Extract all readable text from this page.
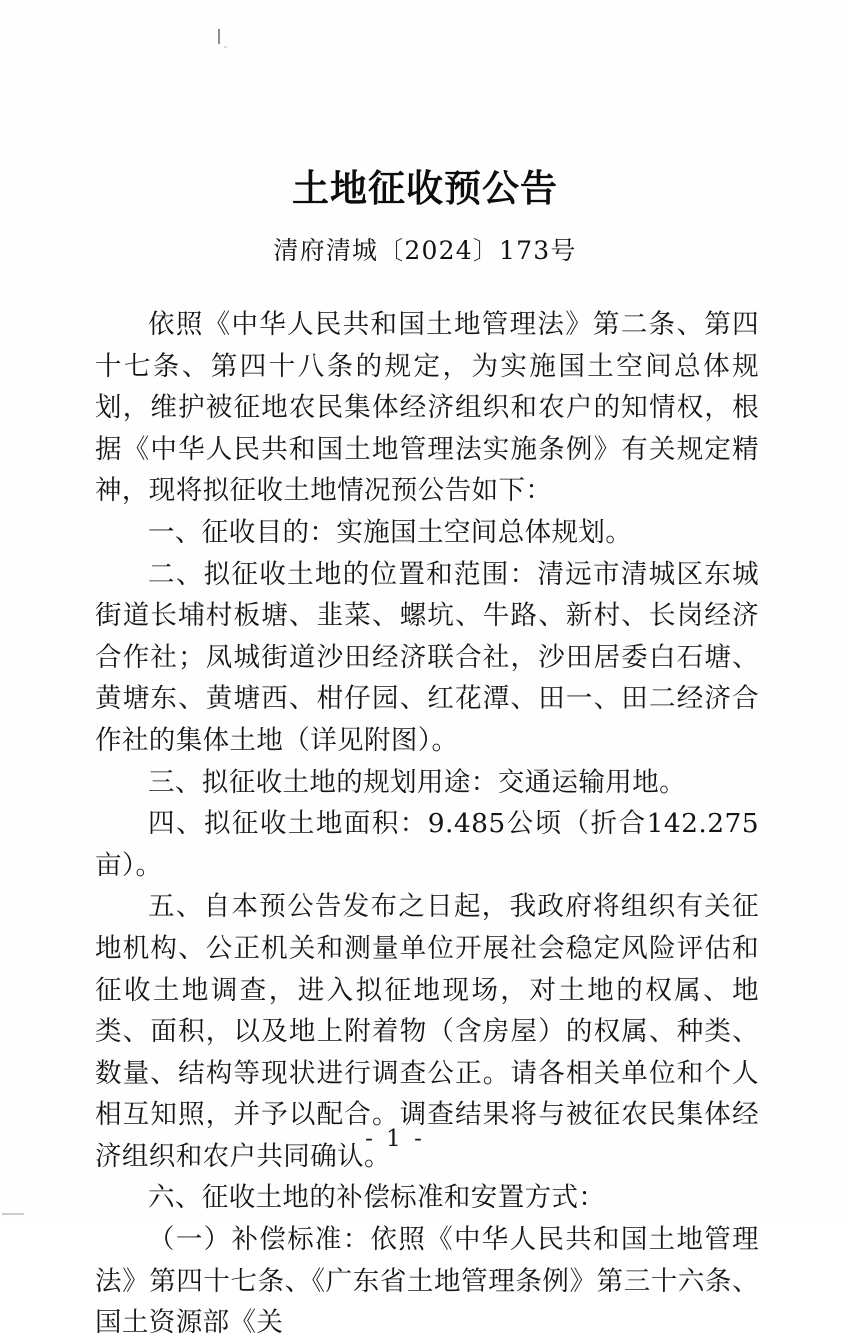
土地征收预公告
清府清城〔2024〕173号

依照《中华人民共和国土地管理法》第二条、第四十七条、第四十八条的规定，为实施国土空间总体规划，维护被征地农民集体经济组织和农户的知情权，根据《中华人民共和国土地管理法实施条例》有关规定精神，现将拟征收土地情况预公告如下：

一、征收目的：实施国土空间总体规划。

二、拟征收土地的位置和范围：清远市清城区东城街道长埔村板塘、韭菜、螺坑、牛路、新村、长岗经济合作社；凤城街道沙田经济联合社，沙田居委白石塘、黄塘东、黄塘西、柑仔园、红花潭、田一、田二经济合作社的集体土地（详见附图）。

三、拟征收土地的规划用途：交通运输用地。

四、拟征收土地面积：9.485公顷（折合142.275亩）。

五、自本预公告发布之日起，我政府将组织有关征地机构、公正机关和测量单位开展社会稳定风险评估和征收土地调查，进入拟征地现场，对土地的权属、地类、面积，以及地上附着物（含房屋）的权属、种类、数量、结构等现状进行调查公正。请各相关单位和个人相互知照，并予以配合。调查结果将与被征农民集体经济组织和农户共同确认。

六、征收土地的补偿标准和安置方式：

（一）补偿标准：依照《中华人民共和国土地管理法》第四十七条、《广东省土地管理条例》第三十六条、国土资源部《关

- 1 -
